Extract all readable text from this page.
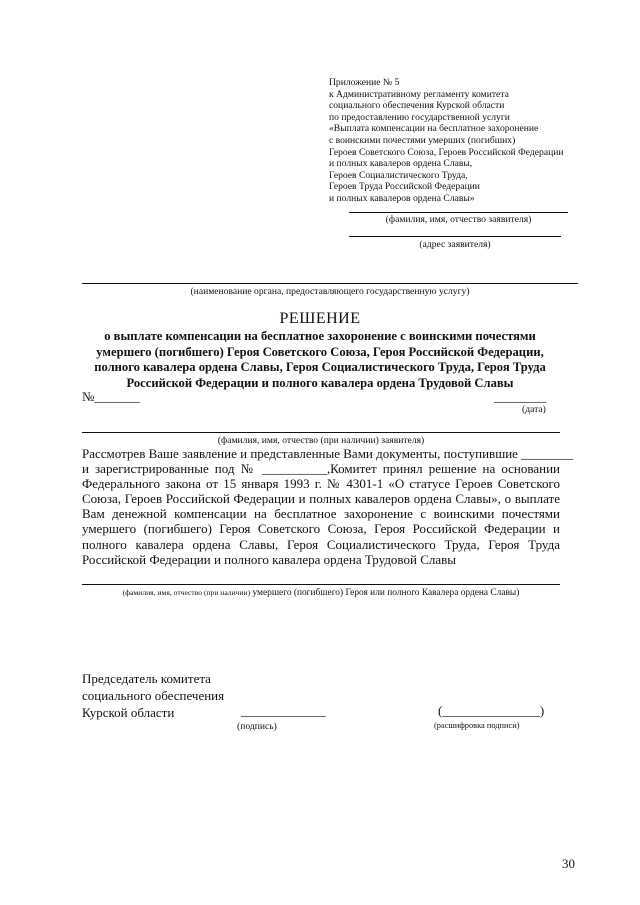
Приложение № 5
к Административному регламенту комитета
социального обеспечения Курской области
по предоставлению государственной услуги
«Выплата компенсации на бесплатное захоронение
с воинскими почестями умерших (погибших)
Героев Советского Союза, Героев Российской Федерации
и полных кавалеров ордена Славы,
Героев Социалистического Труда,
Героев Труда Российской Федерации
и полных кавалеров ордена Славы»
(фамилия, имя, отчество заявителя)
(адрес заявителя)
(наименование органа, предоставляющего государственную услугу)
РЕШЕНИЕ
о выплате компенсации на бесплатное захоронение с воинскими почестями
умершего (погибшего) Героя Советского Союза, Героя Российской Федерации,
полного кавалера ордена Славы, Героя Социалистического Труда, Героя Труда
Российской Федерации и полного кавалера ордена Трудовой Славы
№_______	________
(дата)
(фамилия, имя, отчество (при наличии) заявителя)
Рассмотрев Ваше заявление и представленные Вами документы, поступившие ________
и зарегистрированные под № __________,Комитет принял решение на основании
Федерального закона от 15 января 1993 г. № 4301-1 «О статусе Героев Советского
Союза, Героев Российской Федерации и полных кавалеров ордена Славы», о выплате
Вам денежной компенсации на бесплатное захоронение с воинскими почестями
умершего (погибшего) Героя Советского Союза, Героя Российской Федерации и
полного кавалера ордена Славы, Героя Социалистического Труда, Героя Труда
Российской Федерации и полного кавалера ордена Трудовой Славы
(фамилия, имя, отчество (при наличии) умершего (погибшего) Героя или полного Кавалера ордена Славы)
Председатель комитета
социального обеспечения
Курской области	_____________
(подпись)
(_______________)
(расшифровка подписи)
30
